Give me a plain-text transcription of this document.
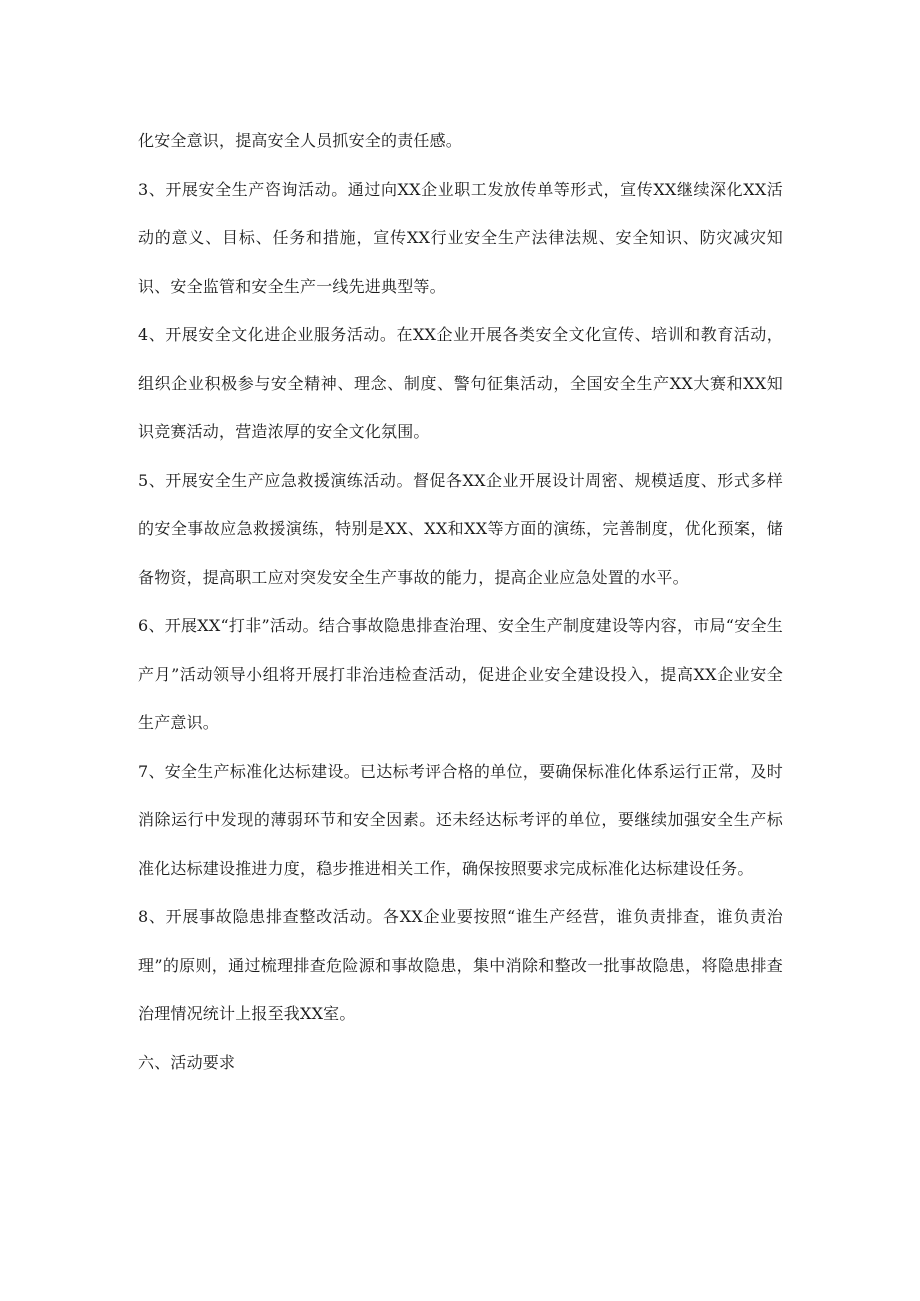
化安全意识，提高安全人员抓安全的责任感。

3、开展安全生产咨询活动。通过向XX企业职工发放传单等形式，宣传XX继续深化XX活动的意义、目标、任务和措施，宣传XX行业安全生产法律法规、安全知识、防灾减灾知识、安全监管和安全生产一线先进典型等。

4、开展安全文化进企业服务活动。在XX企业开展各类安全文化宣传、培训和教育活动，组织企业积极参与安全精神、理念、制度、警句征集活动，全国安全生产XX大赛和XX知识竞赛活动，营造浓厚的安全文化氛围。

5、开展安全生产应急救援演练活动。督促各XX企业开展设计周密、规模适度、形式多样的安全事故应急救援演练，特别是XX、XX和XX等方面的演练，完善制度，优化预案，储备物资，提高职工应对突发安全生产事故的能力，提高企业应急处置的水平。

6、开展XX“打非”活动。结合事故隐患排查治理、安全生产制度建设等内容，市局“安全生产月”活动领导小组将开展打非治违检查活动，促进企业安全建设投入，提高XX企业安全生产意识。

7、安全生产标准化达标建设。已达标考评合格的单位，要确保标准化体系运行正常，及时消除运行中发现的薄弱环节和安全因素。还未经达标考评的单位，要继续加强安全生产标准化达标建设推进力度，稳步推进相关工作，确保按照要求完成标准化达标建设任务。

8、开展事故隐患排查整改活动。各XX企业要按照“谁生产经营，谁负责排查，谁负责治理”的原则，通过梳理排查危险源和事故隐患，集中消除和整改一批事故隐患，将隐患排查治理情况统计上报至我XX室。

六、活动要求
